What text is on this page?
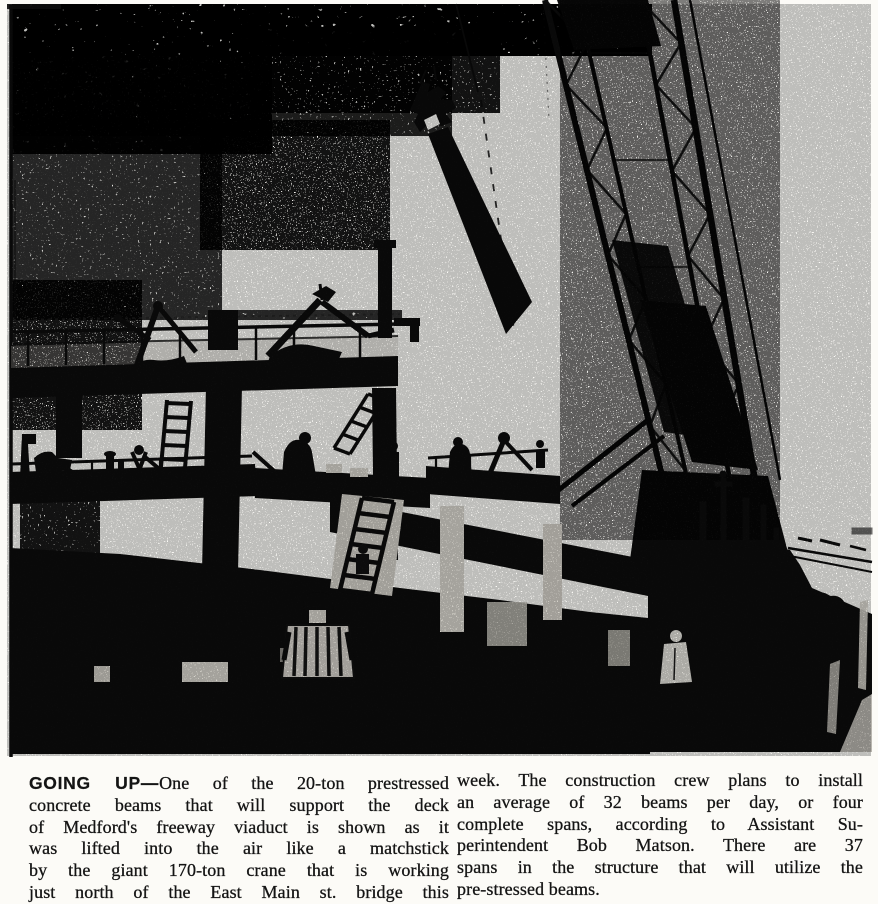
GOING UP—One of the 20-ton prestressed
concrete beams that will support the deck
of Medford's freeway viaduct is shown as it
was lifted into the air like a matchstick
by the giant 170-ton crane that is working
just north of the East Main st. bridge this
week. The construction crew plans to install
an average of 32 beams per day, or four
complete spans, according to Assistant Su-
perintendent Bob Matson. There are 37
spans in the structure that will utilize the
pre-stressed beams.
